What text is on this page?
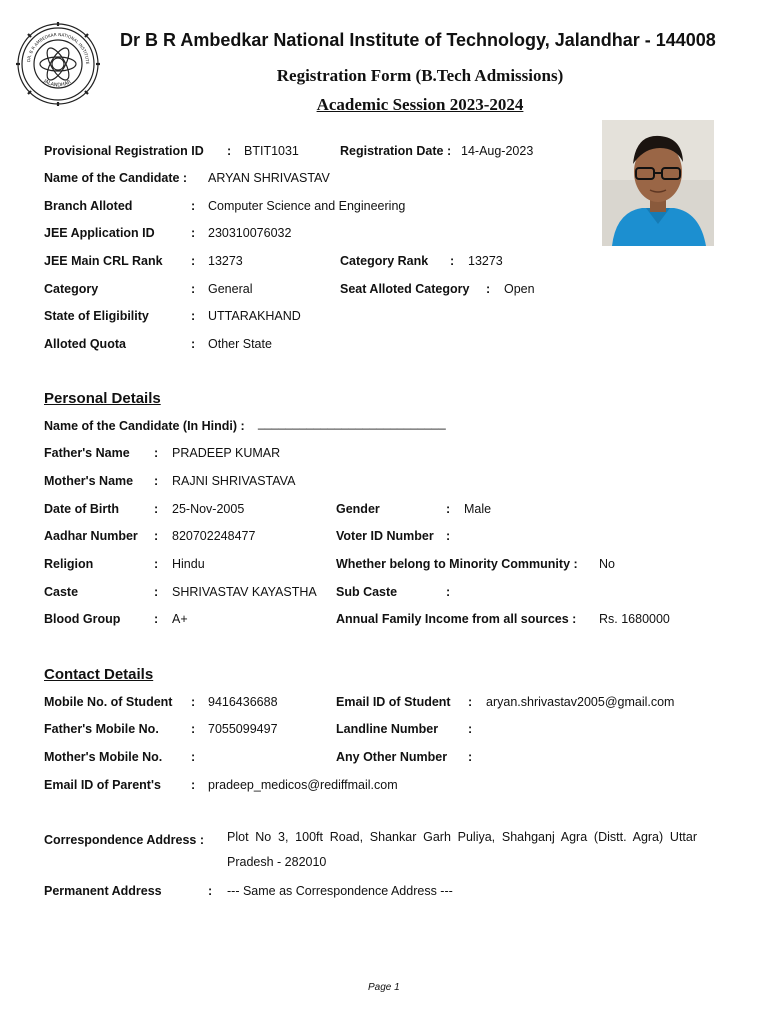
DR. B R AMBEDKAR NATIONAL INSTITUTE
JALANDHAR
Dr B R Ambedkar National Institute of Technology, Jalandhar - 144008
Registration Form (B.Tech Admissions)
Academic Session 2023-2024
Provisional Registration ID : BTIT1031	Registration Date : 14-Aug-2023
Name of the Candidate : ARYAN SHRIVASTAV
Branch Alloted	: Computer Science and Engineering
JEE Application ID	: 230310076032
JEE Main CRL Rank : 13273	Category Rank : 13273
Category	: General	Seat Alloted Category : Open
State of Eligibility	: UTTARAKHAND
Alloted Quota	: Other State
Personal Details
Name of the Candidate (In Hindi) : ___________________________
Father's Name : PRADEEP KUMAR
Mother's Name : RAJNI SHRIVASTAVA
Date of Birth	: 25-Nov-2005	Gender	: Male
Aadhar Number : 820702248477	Voter ID Number :
Religion	: Hindu	Whether belong to Minority Community : No
Caste	: SHRIVASTAV KAYASTHA Sub Caste	:
Blood Group	: A+	Annual Family Income from all sources : Rs. 1680000
Contact Details
Mobile No. of Student : 9416436688	Email ID of Student : aryan.shrivastav2005@gmail.com
Father's Mobile No.	: 7055099497	Landline Number :
Mother's Mobile No. :	Any Other Number :
Email ID of Parent's : pradeep_medicos@rediffmail.com
Correspondence Address : Plot No 3, 100ft Road, Shankar Garh Puliya, Shahganj Agra (Distt. Agra) Uttar Pradesh - 282010
Permanent Address	: --- Same as Correspondence Address ---
Page 1
